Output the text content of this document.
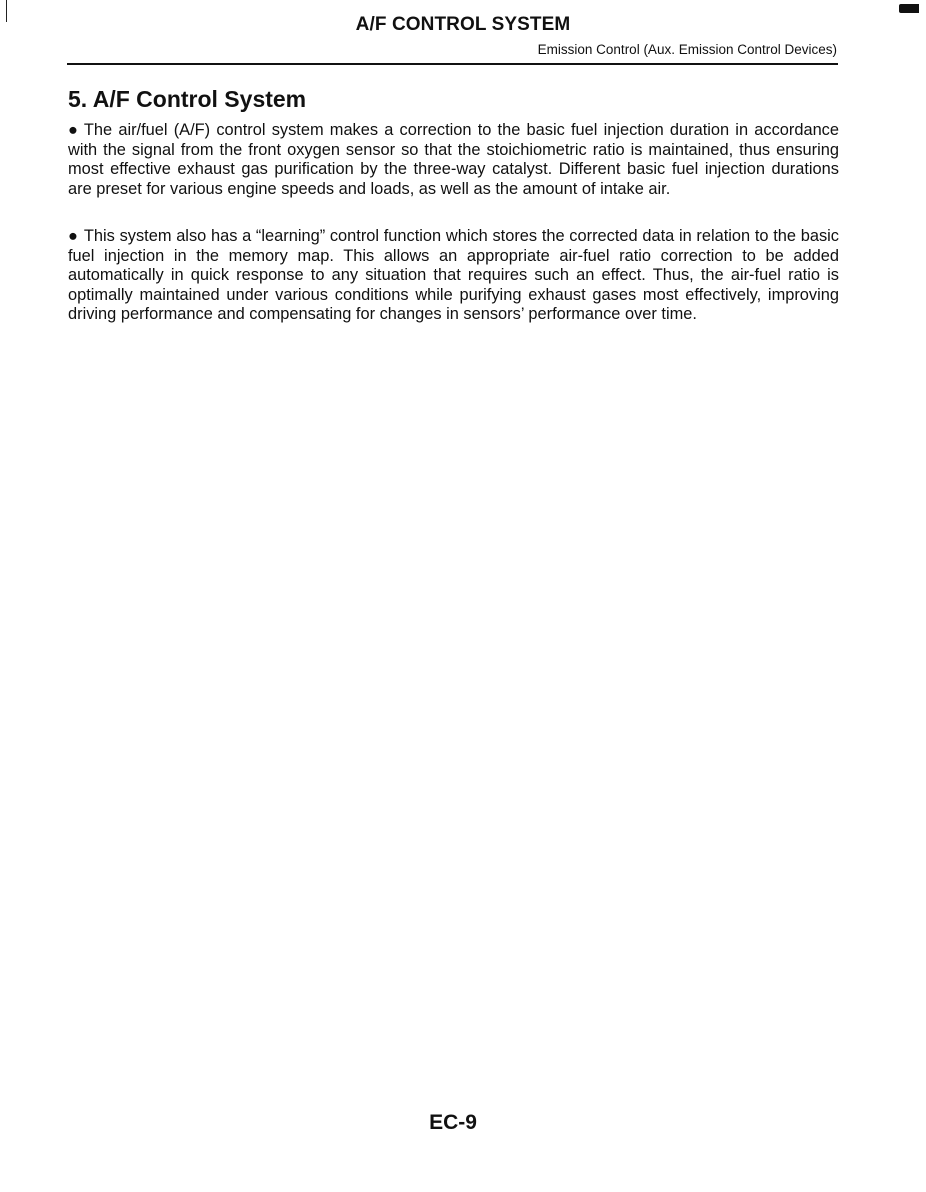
A/F CONTROL SYSTEM
Emission Control (Aux. Emission Control Devices)
5. A/F Control System

● The air/fuel (A/F) control system makes a correction to the basic fuel injection duration in accordance with the signal from the front oxygen sensor so that the stoichiometric ratio is maintained, thus ensuring most effective exhaust gas purification by the three-way catalyst. Different basic fuel injection durations are preset for various engine speeds and loads, as well as the amount of intake air.

● This system also has a “learning” control function which stores the corrected data in relation to the basic fuel injection in the memory map. This allows an appropriate air-fuel ratio correction to be added automatically in quick response to any situation that requires such an effect. Thus, the air-fuel ratio is optimally maintained under various conditions while purifying exhaust gases most effectively, improving driving performance and compensating for changes in sensors’ performance over time.

EC-9
